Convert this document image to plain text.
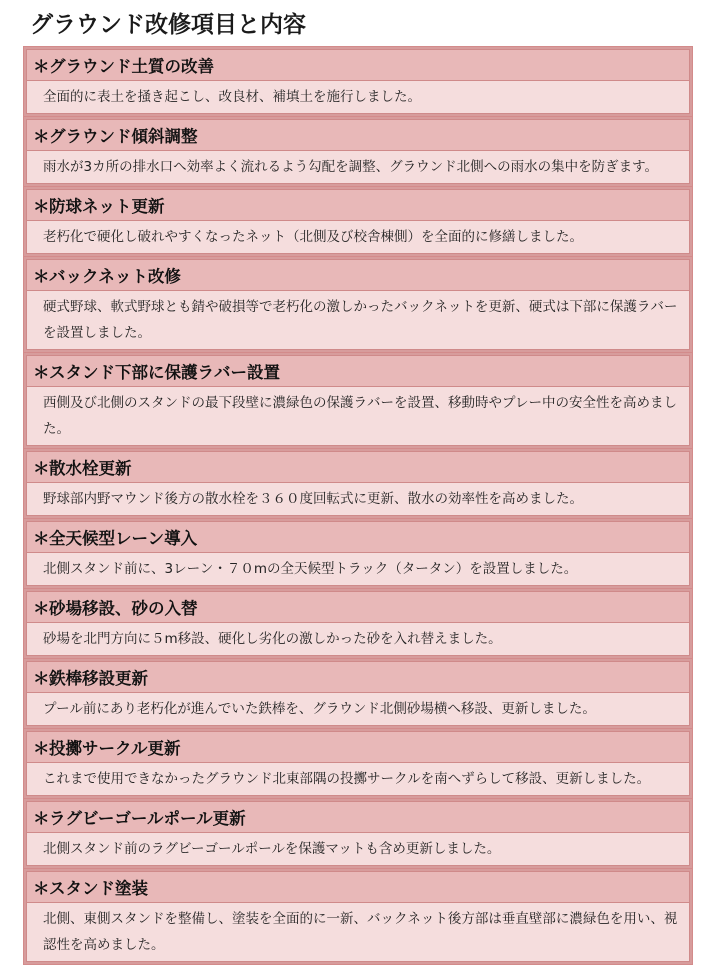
グラウンド改修項目と内容
＊ グラウンド土質の改善
全面的に表土を掻き起こし、改良材、補填土を施行しました。
＊ グラウンド傾斜調整
雨水が3カ所の排水口へ効率よく流れるよう勾配を調整、グラウンド北側への雨水の集中を防ぎます。
＊ 防球ネット更新
老朽化で硬化し破れやすくなったネット（北側及び校舎棟側）を全面的に修繕しました。
＊ バックネット改修
硬式野球、軟式野球とも錆や破損等で老朽化の激しかったバックネットを更新、硬式は下部に保護ラバーを設置しました。
＊ スタンド下部に保護ラバー設置
西側及び北側のスタンドの最下段壁に濃緑色の保護ラバーを設置、移動時やプレー中の安全性を高めました。
＊ 散水栓更新
野球部内野マウンド後方の散水栓を３６０度回転式に更新、散水の効率性を高めました。
＊ 全天候型レーン導入
北側スタンド前に、3レーン・７０mの全天候型トラック（タータン）を設置しました。
＊ 砂場移設、砂の入替
砂場を北門方向に５m移設、硬化し劣化の激しかった砂を入れ替えました。
＊ 鉄棒移設更新
プール前にあり老朽化が進んでいた鉄棒を、グラウンド北側砂場横へ移設、更新しました。
＊ 投擲サークル更新
これまで使用できなかったグラウンド北東部隅の投擲サークルを南へずらして移設、更新しました。
＊ ラグビーゴールポール更新
北側スタンド前のラグビーゴールポールを保護マットも含め更新しました。
＊ スタンド塗装
北側、東側スタンドを整備し、塗装を全面的に一新、バックネット後方部は垂直壁部に濃緑色を用い、視認性を高めました。
